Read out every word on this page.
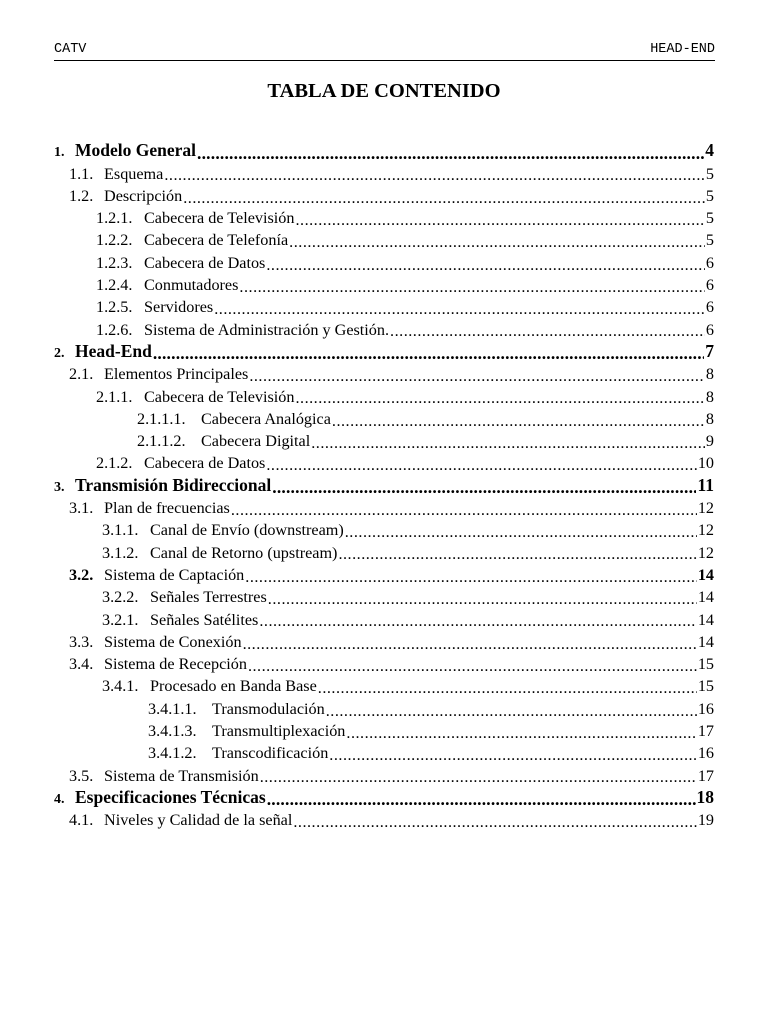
CATV	HEAD-END
TABLA DE CONTENIDO
1. Modelo General .....	4
1.1. Esquema .....	5
1.2. Descripción .....	5
1.2.1. Cabecera de Televisión .....	5
1.2.2. Cabecera de Telefonía .....	5
1.2.3. Cabecera de Datos .....	6
1.2.4. Conmutadores .....	6
1.2.5. Servidores .....	6
1.2.6. Sistema de Administración y Gestión. .....	6
2. Head-End .....	7
2.1. Elementos Principales .....	8
2.1.1. Cabecera de Televisión .....	8
2.1.1.1. Cabecera Analógica .....	8
2.1.1.2. Cabecera Digital .....	9
2.1.2. Cabecera de Datos .....	10
3. Transmisión Bidireccional .....	11
3.1. Plan de frecuencias .....	12
3.1.1. Canal de Envío (downstream) .....	12
3.1.2. Canal de Retorno (upstream) .....	12
3.2. Sistema de Captación .....	14
3.2.2. Señales Terrestres .....	14
3.2.1. Señales Satélites .....	14
3.3. Sistema de Conexión .....	14
3.4. Sistema de Recepción .....	15
3.4.1. Procesado en Banda Base .....	15
3.4.1.1. Transmodulación .....	16
3.4.1.3. Transmultiplexación .....	17
3.4.1.2. Transcodificación .....	16
3.5. Sistema de Transmisión .....	17
4. Especificaciones Técnicas .....	18
4.1. Niveles y Calidad de la señal .....	19
